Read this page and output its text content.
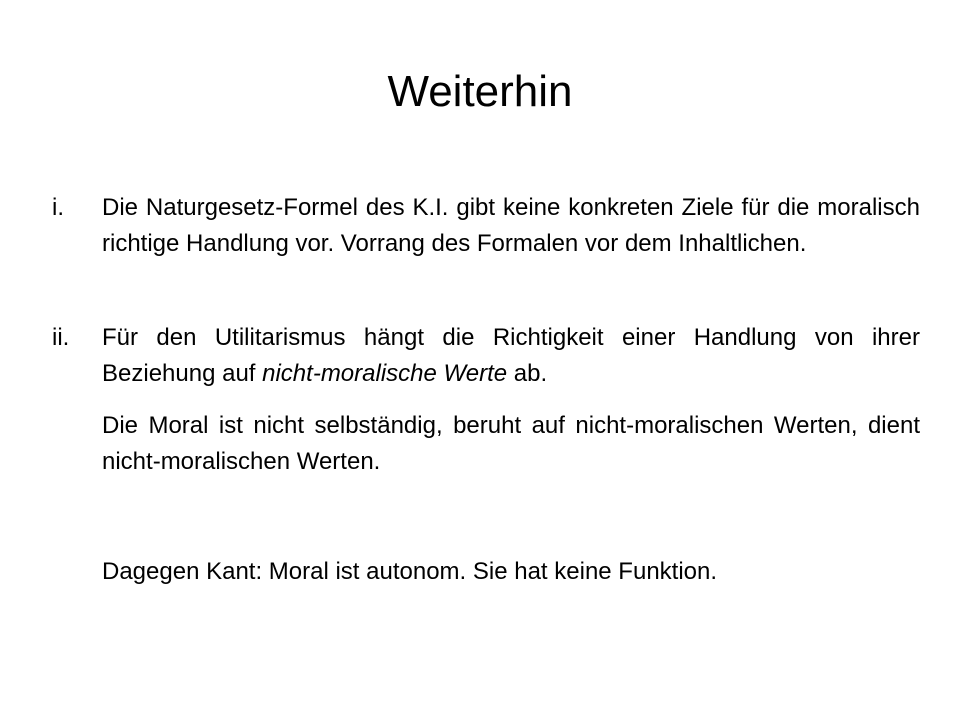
Weiterhin
i.	Die Naturgesetz-Formel des K.I. gibt keine konkreten Ziele für die moralisch richtige Handlung vor. Vorrang des Formalen vor dem Inhaltlichen.
ii.	Für den Utilitarismus hängt die Richtigkeit einer Handlung von ihrer Beziehung auf nicht-moralische Werte ab.

Die Moral ist nicht selbständig, beruht auf nicht-moralischen Werten, dient nicht-moralischen Werten.

Dagegen Kant: Moral ist autonom. Sie hat keine Funktion.
